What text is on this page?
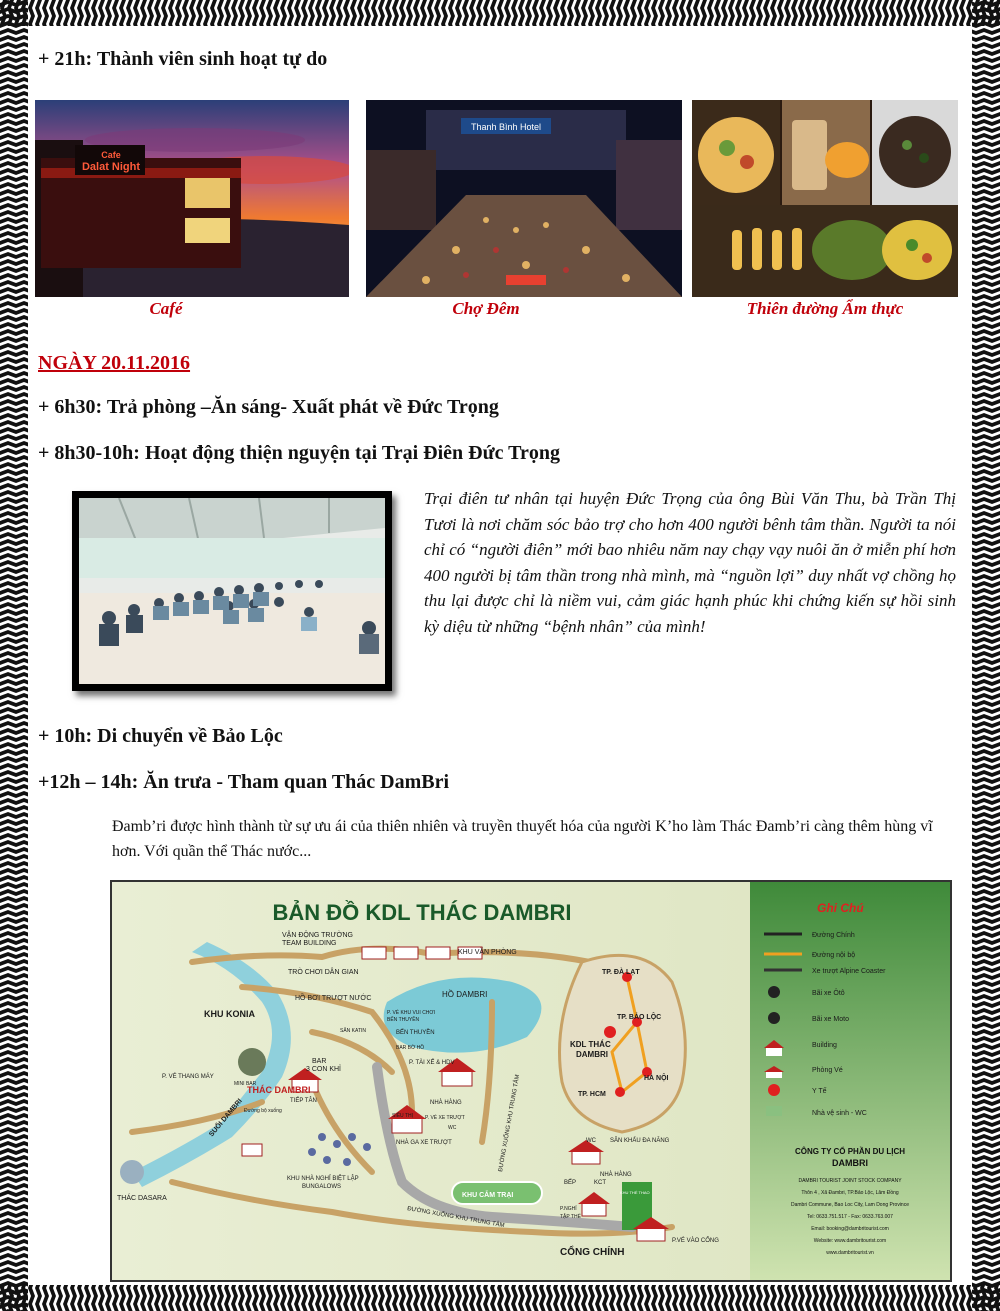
+ 21h: Thành viên sinh hoạt tự do
Cafe
Dalat Night
Thanh Bình Hotel
Café	Chợ Đêm	Thiên đường Ẩm thực
NGÀY 20.11.2016
+ 6h30: Trả phòng –Ăn sáng- Xuất phát về Đức Trọng
+ 8h30-10h: Hoạt động thiện nguyện tại Trại Điên Đức Trọng
Trại điên tư nhân tại huyện Đức Trọng của ông Bùi Văn Thu, bà Trần Thị Tươi là nơi chăm sóc bảo trợ cho hơn 400 người bênh tâm thần. Người ta nói chỉ có “người điên” mới bao nhiêu năm nay chạy vạy nuôi ăn ở miễn phí hơn 400 người bị tâm thần trong nhà mình, mà “nguồn lợi” duy nhất vợ chồng họ thu lại được chỉ là niềm vui, cảm giác hạnh phúc khi chứng kiến sự hồi sinh kỳ diệu từ những “bệnh nhân” của mình!
+ 10h: Di chuyển về Bảo Lộc
+12h – 14h: Ăn trưa - Tham quan Thác DamBri
Đamb’ri được hình thành từ sự ưu ái của thiên nhiên và truyền thuyết hóa của người K’ho làm Thác Đamb’ri càng thêm hùng vĩ hơn. Với quần thể Thác nước...
BẢN ĐỒ KDL THÁC DAMBRI
VẬN ĐỘNG TRƯỜNG
TEAM BUILDING
TRÒ CHƠI DÂN GIAN
HỒ BƠI TRƯỢT NƯỚC
KHU KONIA
HỒ DAMBRI
KHU VĂN PHÒNG
P. VÉ KHU VUI CHƠI
BẾN THUYỀN
SÂN KATIN	BẾN THUYỀN
BAR BỜ HỒ
BAR
3 CON KHỈ
P. VÉ THANG MÁY
MINI BAR
THÁC DAMBRI
TIẾP TÂN
Đường bộ xuống
SUỐI DAMBRI
P. TÀI XẾ & HDV
NHÀ HÀNG
P. VÉ XE TRƯỢT
WC
SIÊU THỊ
NHÀ GA XE TRƯỢT	ĐƯỜNG XUỐNG KHU TRUNG TÂM
ĐƯỜNG XUỐNG KHU TRUNG TÂM
THÁC DASARA
KHU NHÀ NGHỈ BIỆT LẬP
BUNGALOWS
KHU CẮM TRẠI
WC SÂN KHẤU ĐA NĂNG
NHÀ HÀNG
BẾP	KCT
P.NGHỈ
TẬP THỂ
KHU THỂ THAO
P.VÉ VÀO CỔNG
CỔNG CHÍNH
TP. ĐÀ LẠT
TP. BẢO LỘC
KDL THÁC
DAMBRI
HÀ NỘI
TP. HCM
Ghi Chú
Đường Chính
Đường nội bộ
Xe trượt Alpine Coaster
Bãi xe Ôtô
Bãi xe Moto
Building
Phòng Vé
Y Tế
Nhà vệ sinh - WC
CÔNG TY CỔ PHẦN DU LỊCH
DAMBRI
DAMBRI TOURIST JOINT STOCK COMPANY
Thôn 4 , Xã Đambri, TP.Bảo Lộc, Lâm Đồng
Dambri Commune, Bao Loc City, Lam Dong Province
Tel: 0633.751.517 - Fax: 0633.763.007
Email: booking@dambritourist.com
Website: www.dambritourist.com
www.dambritourist.vn
